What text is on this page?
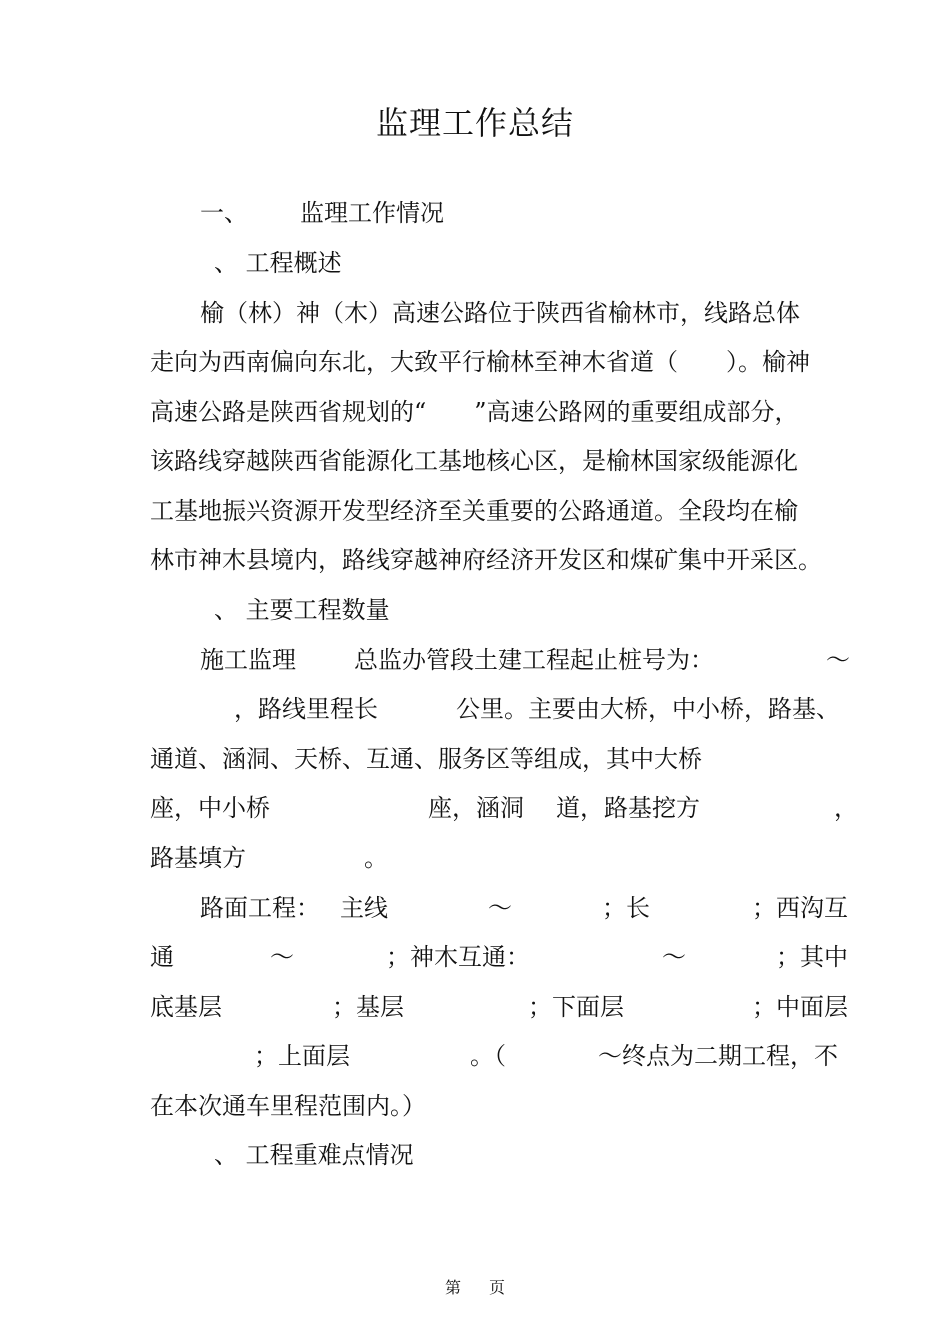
监理工作总结
一、 监理工作情况
、 工程概述
榆（林）神（木）高速公路位于陕西省榆林市，线路总体
走向为西南偏向东北，大致平行榆林至神木省道（　　）。榆神
高速公路是陕西省规划的“　　”高速公路网的重要组成部分，
该路线穿越陕西省能源化工基地核心区，是榆林国家级能源化
工基地振兴资源开发型经济至关重要的公路通道。全段均在榆
林市神木县境内，路线穿越神府经济开发区和煤矿集中开采区。
、 主要工程数量
施工监理 总监办管段土建工程起止桩号为：	～
，路线里程长	公里。主要由大桥，中小桥，路基、
通道、涵洞、天桥、互通、服务区等组成，其中大桥
座，中小桥	座，涵洞 道，路基挖方	，
路基填方	。
路面工程： 主线	～	；长	；西沟互
通	～	；神木互通：	～	；其中
底基层	；基层	；下面层	；中面层
；上面层	。（	～终点为二期工程，不
在本次通车里程范围内。）
、 工程重难点情况
第 页
